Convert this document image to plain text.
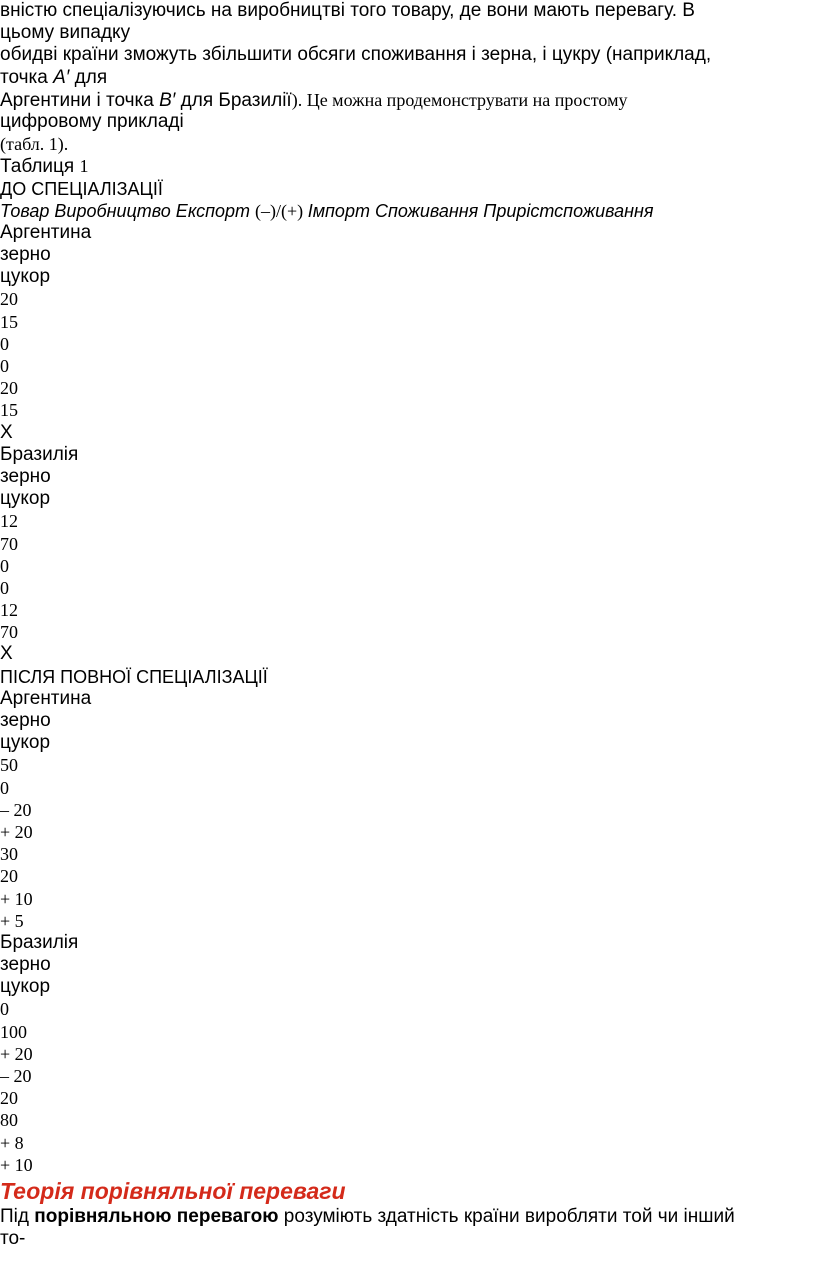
вністю спеціалізуючись на виробництві того товару, де вони мають перевагу. В
цьому випадку
обидві країни зможуть збільшити обсяги споживання і зерна, і цукру (наприклад,
точка A′ для
Аргентини і точка B′ для Бразилії). Це можна продемонструвати на простому
цифровому прикладі
(табл. 1).
Таблиця 1
ДО СПЕЦІАЛІЗАЦІЇ
Товар Виробництво Експорт (–)/(+) Імпорт Споживання Прирістспоживання
Аргентина
зерно
цукор
20
15
0
0
20
15
Х
Бразилія
зерно
цукор
12
70
0
0
12
70
Х
ПІСЛЯ ПОВНОЇ СПЕЦІАЛІЗАЦІЇ
Аргентина
зерно
цукор
50
0
– 20
+ 20
30
20
+ 10
+ 5
Бразилія
зерно
цукор
0
100
+ 20
– 20
20
80
+ 8
+ 10
Теорія порівняльної переваги
Під порівняльною перевагою розуміють здатність країни виробляти той чи інший
то-
